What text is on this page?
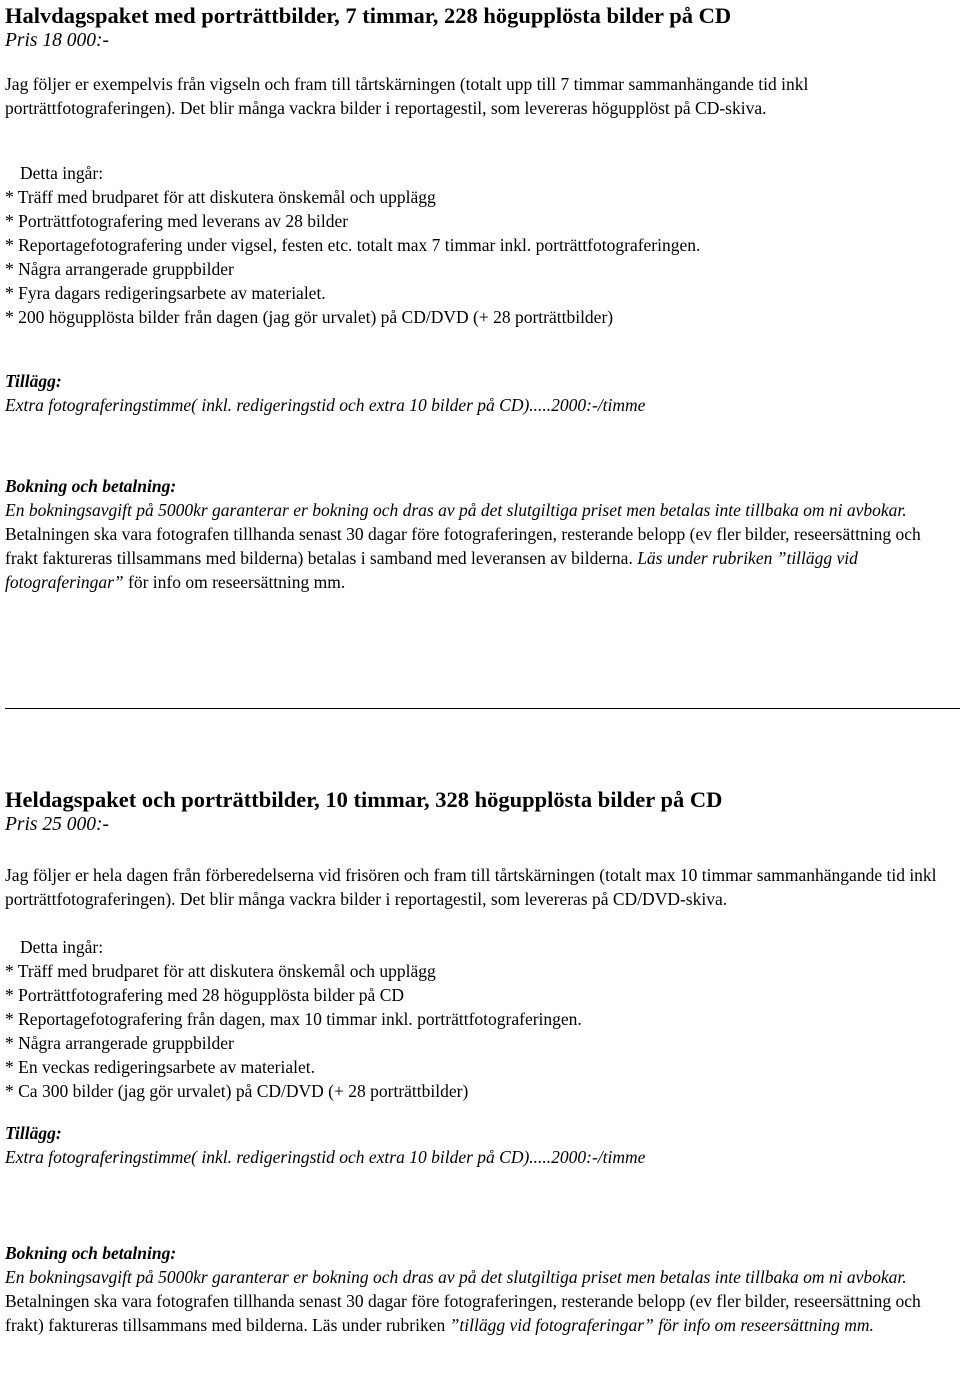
Halvdagspaket med porträttbilder, 7 timmar, 228 högupplösta bilder på CD

Pris 18 000:-

Jag följer er exempelvis från vigseln och fram till tårtskärningen (totalt upp till 7 timmar sammanhängande tid inkl porträttfotograferingen). Det blir många vackra bilder i reportagestil, som levereras högupplöst på CD-skiva.

Detta ingår:

* Träff med brudparet för att diskutera önskemål och upplägg
* Porträttfotografering med leverans av 28 bilder
* Reportagefotografering under vigsel, festen etc. totalt max 7 timmar inkl. porträttfotograferingen.
* Några arrangerade gruppbilder
* Fyra dagars redigeringsarbete av materialet.
* 200 högupplösta bilder från dagen (jag gör urvalet) på CD/DVD (+ 28 porträttbilder)

Tillägg:

Extra fotograferingstimme( inkl. redigeringstid och extra 10 bilder på CD).....2000:-/timme

Bokning och betalning:

En bokningsavgift på 5000kr garanterar er bokning och dras av på det slutgiltiga priset men betalas inte tillbaka om ni avbokar. Betalningen ska vara fotografen tillhanda senast 30 dagar före fotograferingen, resterande belopp (ev fler bilder, reseersättning och frakt faktureras tillsammans med bilderna) betalas i samband med leveransen av bilderna. Läs under rubriken ”tillägg vid fotograferingar” för info om reseersättning mm.

Heldagspaket och porträttbilder, 10 timmar, 328 högupplösta bilder på CD

Pris 25 000:-

Jag följer er hela dagen från förberedelserna vid frisören och fram till tårtskärningen (totalt max 10 timmar sammanhängande tid inkl porträttfotograferingen). Det blir många vackra bilder i reportagestil, som levereras på CD/DVD-skiva.

Detta ingår:

* Träff med brudparet för att diskutera önskemål och upplägg
* Porträttfotografering med 28 högupplösta bilder på CD
* Reportagefotografering från dagen, max 10 timmar inkl. porträttfotograferingen.
* Några arrangerade gruppbilder
* En veckas redigeringsarbete av materialet.
* Ca 300 bilder (jag gör urvalet) på CD/DVD (+ 28 porträttbilder)

Tillägg:

Extra fotograferingstimme( inkl. redigeringstid och extra 10 bilder på CD).....2000:-/timme

Bokning och betalning:

En bokningsavgift på 5000kr garanterar er bokning och dras av på det slutgiltiga priset men betalas inte tillbaka om ni avbokar. Betalningen ska vara fotografen tillhanda senast 30 dagar före fotograferingen, resterande belopp (ev fler bilder, reseersättning och frakt) faktureras tillsammans med bilderna. Läs under rubriken ”tillägg vid fotograferingar” för info om reseersättning mm.
